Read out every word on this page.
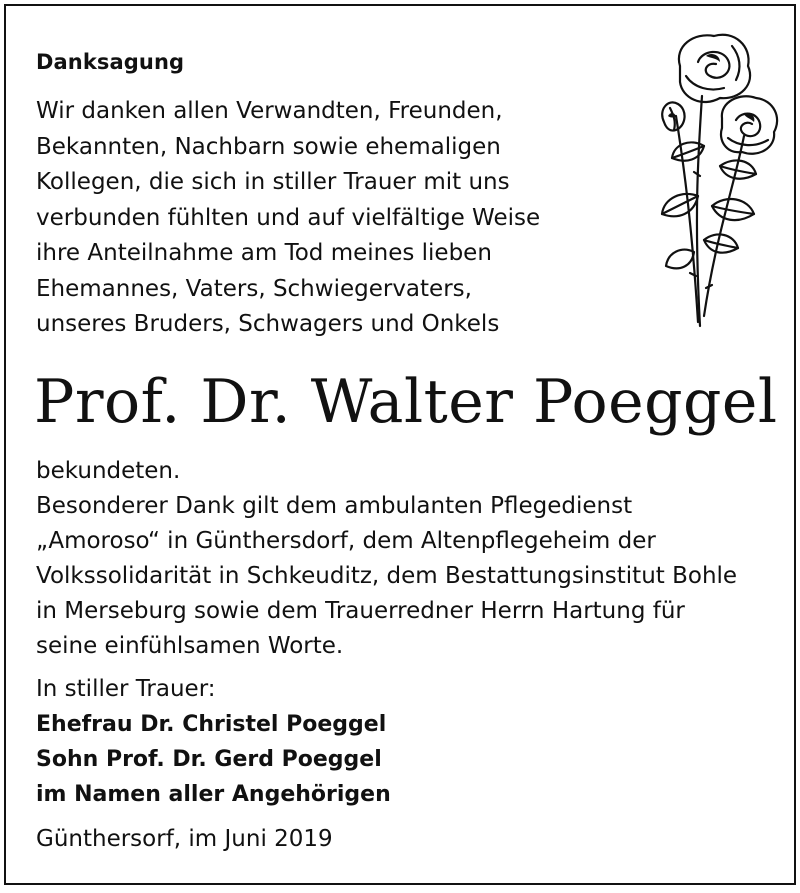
Danksagung
Wir danken allen Verwandten, Freunden,
Bekannten, Nachbarn sowie ehemaligen
Kollegen, die sich in stiller Trauer mit uns
verbunden fühlten und auf vielfältige Weise
ihre Anteilnahme am Tod meines lieben
Ehemannes, Vaters, Schwiegervaters,
unseres Bruders, Schwagers und Onkels
Prof. Dr. Walter Poeggel
bekundeten.
Besonderer Dank gilt dem ambulanten Pflegedienst
„Amoroso“ in Günthersdorf, dem Altenpflegeheim der
Volkssolidarität in Schkeuditz, dem Bestattungsinstitut Bohle
in Merseburg sowie dem Trauerredner Herrn Hartung für
seine einfühlsamen Worte.
In stiller Trauer:
Ehefrau Dr. Christel Poeggel
Sohn Prof. Dr. Gerd Poeggel
im Namen aller Angehörigen
Günthersorf, im Juni 2019
